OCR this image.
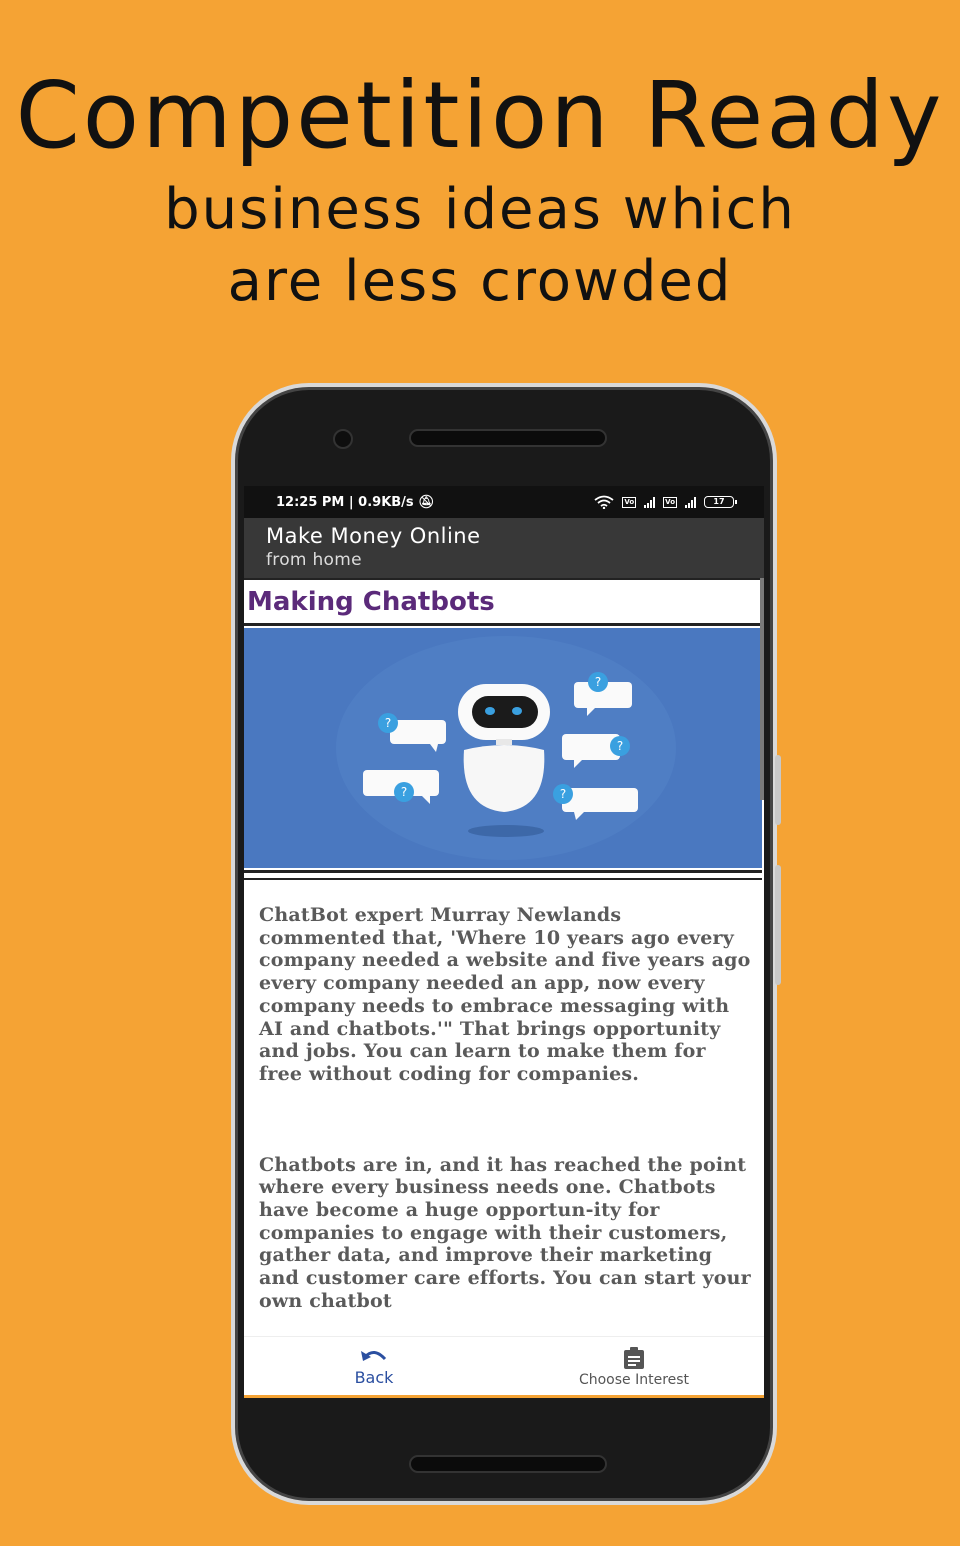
Competition Ready
business ideas which
are less crowded
12:25 PM | 0.9KB/s 🔕︎	Vo	Vo	17
Make Money Online
from home
Making Chatbots
?
?
?
?
?

ChatBot expert Murray Newlands commented that, 'Where 10 years ago every company needed a website and five years ago every company needed an app, now every company needs to embrace messaging with AI and chatbots.'" That brings opportunity and jobs. You can learn to make them for free without coding for companies.

Chatbots are in, and it has reached the point where every business needs one. Chatbots have become a huge opportun-ity for companies to engage with their customers, gather data, and improve their marketing and customer care efforts. You can start your own chatbot

Back	Choose Interest
